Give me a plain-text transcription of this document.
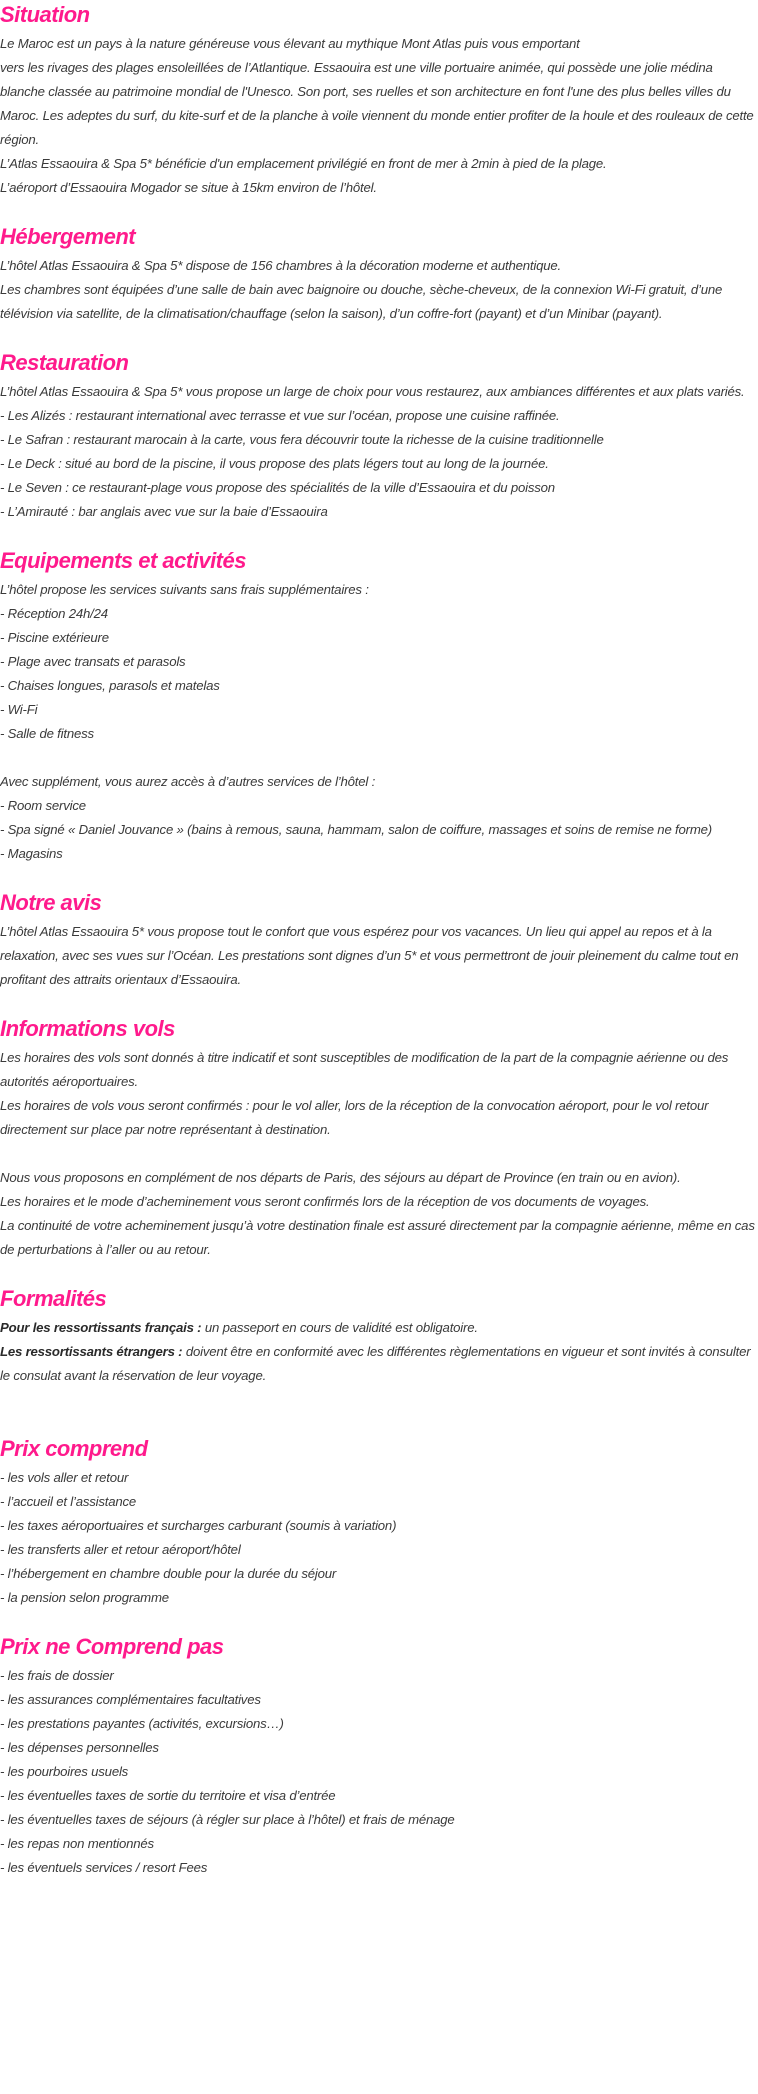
Situation
Le Maroc est un pays à la nature généreuse vous élevant au mythique Mont Atlas puis vous emportant
vers les rivages des plages ensoleillées de l’Atlantique. Essaouira est une ville portuaire animée, qui possède une jolie médina blanche classée au patrimoine mondial de l'Unesco. Son port, ses ruelles et son architecture en font l'une des plus belles villes du Maroc. Les adeptes du surf, du kite-surf et de la planche à voile viennent du monde entier profiter de la houle et des rouleaux de cette région.
L’Atlas Essaouira & Spa 5* bénéficie d'un emplacement privilégié en front de mer à 2min à pied de la plage.
L’aéroport d’Essaouira Mogador se situe à 15km environ de l’hôtel.
Hébergement
L’hôtel Atlas Essaouira & Spa 5* dispose de 156 chambres à la décoration moderne et authentique.
Les chambres sont équipées d’une salle de bain avec baignoire ou douche, sèche-cheveux, de la connexion Wi-Fi gratuit, d’une télévision via satellite, de la climatisation/chauffage (selon la saison), d’un coffre-fort (payant) et d’un Minibar (payant).
Restauration
L’hôtel Atlas Essaouira & Spa 5* vous propose un large de choix pour vous restaurez, aux ambiances différentes et aux plats variés.
- Les Alizés : restaurant international avec terrasse et vue sur l’océan, propose une cuisine raffinée.
- Le Safran : restaurant marocain à la carte, vous fera découvrir toute la richesse de la cuisine traditionnelle
- Le Deck : situé au bord de la piscine, il vous propose des plats légers tout au long de la journée.
- Le Seven : ce restaurant-plage vous propose des spécialités de la ville d’Essaouira et du poisson
- L’Amirauté : bar anglais avec vue sur la baie d’Essaouira
Equipements et activités
L’hôtel propose les services suivants sans frais supplémentaires :
- Réception 24h/24
- Piscine extérieure
- Plage avec transats et parasols
- Chaises longues, parasols et matelas
- Wi-Fi
- Salle de fitness
Avec supplément, vous aurez accès à d’autres services de l’hôtel :
- Room service
- Spa signé « Daniel Jouvance » (bains à remous, sauna, hammam, salon de coiffure, massages et soins de remise ne forme)
- Magasins
Notre avis
L’hôtel Atlas Essaouira 5* vous propose tout le confort que vous espérez pour vos vacances. Un lieu qui appel au repos et à la relaxation, avec ses vues sur l’Océan. Les prestations sont dignes d’un 5* et vous permettront de jouir pleinement du calme tout en profitant des attraits orientaux d’Essaouira.
Informations vols
Les horaires des vols sont donnés à titre indicatif et sont susceptibles de modification de la part de la compagnie aérienne ou des autorités aéroportuaires.
Les horaires de vols vous seront confirmés : pour le vol aller, lors de la réception de la convocation aéroport, pour le vol retour directement sur place par notre représentant à destination.
Nous vous proposons en complément de nos départs de Paris, des séjours au départ de Province (en train ou en avion).
Les horaires et le mode d’acheminement vous seront confirmés lors de la réception de vos documents de voyages.
La continuité de votre acheminement jusqu’à votre destination finale est assuré directement par la compagnie aérienne, même en cas de perturbations à l’aller ou au retour.
Formalités
Pour les ressortissants français : un passeport en cours de validité est obligatoire.
Les ressortissants étrangers : doivent être en conformité avec les différentes règlementations en vigueur et sont invités à consulter le consulat avant la réservation de leur voyage.
Prix comprend
- les vols aller et retour
- l’accueil et l’assistance
- les taxes aéroportuaires et surcharges carburant (soumis à variation)
- les transferts aller et retour aéroport/hôtel
- l’hébergement en chambre double pour la durée du séjour
- la pension selon programme
Prix ne Comprend pas
- les frais de dossier
- les assurances complémentaires facultatives
- les prestations payantes (activités, excursions…)
- les dépenses personnelles
- les pourboires usuels
- les éventuelles taxes de sortie du territoire et visa d’entrée
- les éventuelles taxes de séjours (à régler sur place à l’hôtel) et frais de ménage
- les repas non mentionnés
- les éventuels services / resort Fees
